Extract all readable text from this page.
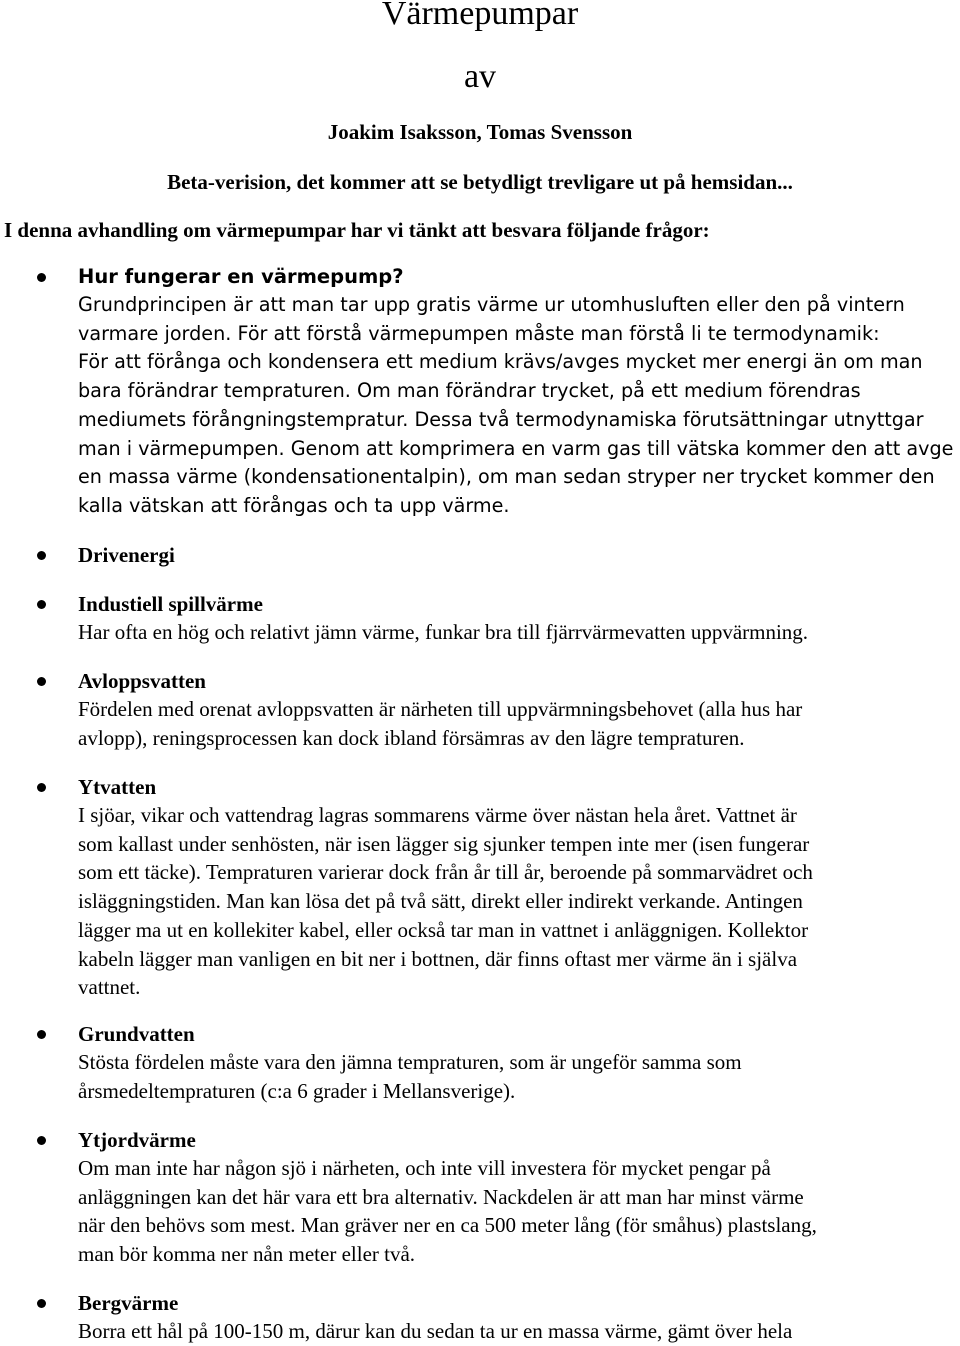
Värmepumpar
av
Joakim Isaksson, Tomas Svensson
Beta-verision, det kommer att se betydligt trevligare ut på hemsidan...
I denna avhandling om värmepumpar har vi tänkt att besvara följande frågor:
Hur fungerar en värmepump?
Grundprincipen är att man tar upp gratis värme ur utomhusluften eller den på vintern
varmare jorden. För att förstå värmepumpen måste man förstå li te termodynamik:
För att förånga och kondensera ett medium krävs/avges mycket mer energi än om man
bara förändrar tempraturen. Om man förändrar trycket, på ett medium förendras
mediumets förångningstempratur. Dessa två termodynamiska förutsättningar utnyttgar
man i värmepumpen. Genom att komprimera en varm gas till vätska kommer den att avge
en massa värme (kondensationentalpin), om man sedan stryper ner trycket kommer den
kalla vätskan att förångas och ta upp värme.
Drivenergi
Industiell spillvärme
Har ofta en hög och relativt jämn värme, funkar bra till fjärrvärmevatten uppvärmning.
Avloppsvatten
Fördelen med orenat avloppsvatten är närheten till uppvärmningsbehovet (alla hus har
avlopp), reningsprocessen kan dock ibland försämras av den lägre tempraturen.
Ytvatten
I sjöar, vikar och vattendrag lagras sommarens värme över nästan hela året. Vattnet är
som kallast under senhösten, när isen lägger sig sjunker tempen inte mer (isen fungerar
som ett täcke). Tempraturen varierar dock från år till år, beroende på sommarvädret och
isläggningstiden. Man kan lösa det på två sätt, direkt eller indirekt verkande. Antingen
lägger ma ut en kollekiter kabel, eller också tar man in vattnet i anläggnigen. Kollektor
kabeln lägger man vanligen en bit ner i bottnen, där finns oftast mer värme än i själva
vattnet.
Grundvatten
Stösta fördelen måste vara den jämna tempraturen, som är ungeför samma som
årsmedeltempraturen (c:a 6 grader i Mellansverige).
Ytjordvärme
Om man inte har någon sjö i närheten, och inte vill investera för mycket pengar på
anläggningen kan det här vara ett bra alternativ. Nackdelen är att man har minst värme
när den behövs som mest. Man gräver ner en ca 500 meter lång (för småhus) plastslang,
man bör komma ner nån meter eller två.
Bergvärme
Borra ett hål på 100-150 m, därur kan du sedan ta ur en massa värme, gämt över hela
